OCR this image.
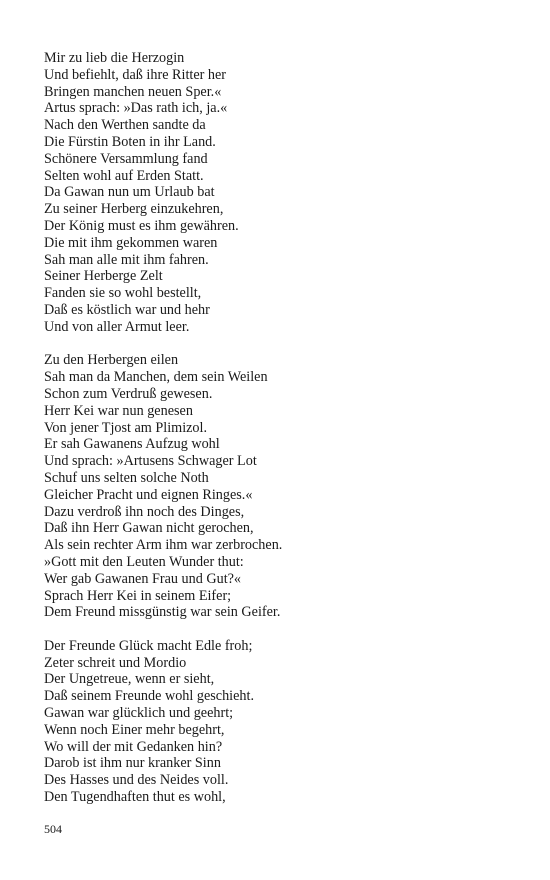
Mir zu lieb die Herzogin
Und befiehlt, daß ihre Ritter her
Bringen manchen neuen Sper.«
Artus sprach: »Das rath ich, ja.«
Nach den Werthen sandte da
Die Fürstin Boten in ihr Land.
Schönere Versammlung fand
Selten wohl auf Erden Statt.
Da Gawan nun um Urlaub bat
Zu seiner Herberg einzukehren,
Der König must es ihm gewähren.
Die mit ihm gekommen waren
Sah man alle mit ihm fahren.
Seiner Herberge Zelt
Fanden sie so wohl bestellt,
Daß es köstlich war und hehr
Und von aller Armut leer.
Zu den Herbergen eilen
Sah man da Manchen, dem sein Weilen
Schon zum Verdruß gewesen.
Herr Kei war nun genesen
Von jener Tjost am Plimizol.
Er sah Gawanens Aufzug wohl
Und sprach: »Artusens Schwager Lot
Schuf uns selten solche Noth
Gleicher Pracht und eignen Ringes.«
Dazu verdroß ihn noch des Dinges,
Daß ihn Herr Gawan nicht gerochen,
Als sein rechter Arm ihm war zerbrochen.
»Gott mit den Leuten Wunder thut:
Wer gab Gawanen Frau und Gut?«
Sprach Herr Kei in seinem Eifer;
Dem Freund missgünstig war sein Geifer.
Der Freunde Glück macht Edle froh;
Zeter schreit und Mordio
Der Ungetreue, wenn er sieht,
Daß seinem Freunde wohl geschieht.
Gawan war glücklich und geehrt;
Wenn noch Einer mehr begehrt,
Wo will der mit Gedanken hin?
Darob ist ihm nur kranker Sinn
Des Hasses und des Neides voll.
Den Tugendhaften thut es wohl,
504
